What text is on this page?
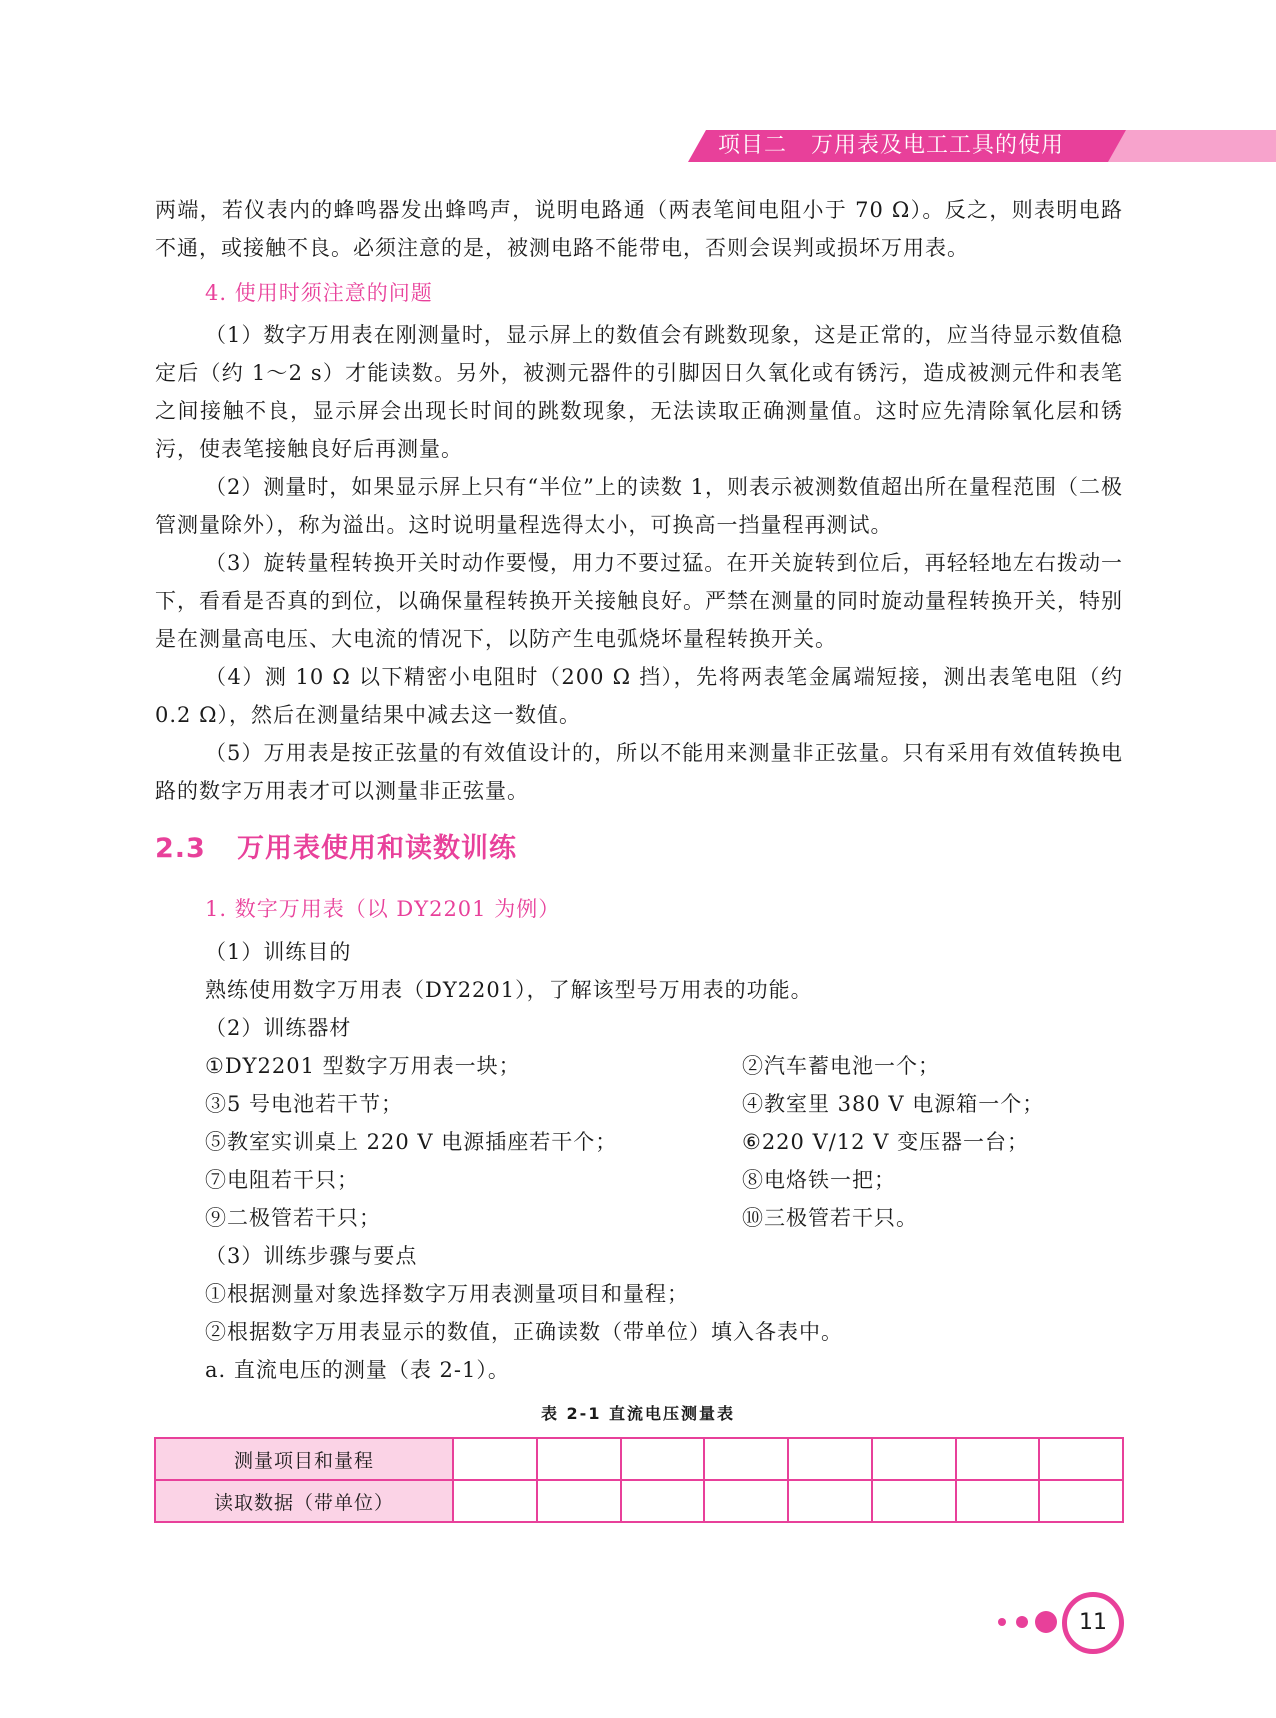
项目二   万用表及电工工具的使用

两端，若仪表内的蜂鸣器发出蜂鸣声，说明电路通（两表笔间电阻小于 70 Ω）。反之，则表明电路不通，或接触不良。必须注意的是，被测电路不能带电，否则会误判或损坏万用表。

4. 使用时须注意的问题

（1）数字万用表在刚测量时，显示屏上的数值会有跳数现象，这是正常的，应当待显示数值稳定后（约 1～2 s）才能读数。另外，被测元器件的引脚因日久氧化或有锈污，造成被测元件和表笔之间接触不良，显示屏会出现长时间的跳数现象，无法读取正确测量值。这时应先清除氧化层和锈污，使表笔接触良好后再测量。

（2）测量时，如果显示屏上只有“半位”上的读数 1，则表示被测数值超出所在量程范围（二极管测量除外），称为溢出。这时说明量程选得太小，可换高一挡量程再测试。

（3）旋转量程转换开关时动作要慢，用力不要过猛。在开关旋转到位后，再轻轻地左右拨动一下，看看是否真的到位，以确保量程转换开关接触良好。严禁在测量的同时旋动量程转换开关，特别是在测量高电压、大电流的情况下，以防产生电弧烧坏量程转换开关。

（4）测 10 Ω 以下精密小电阻时（200 Ω 挡），先将两表笔金属端短接，测出表笔电阻（约 0.2 Ω），然后在测量结果中减去这一数值。

（5）万用表是按正弦量的有效值设计的，所以不能用来测量非正弦量。只有采用有效值转换电路的数字万用表才可以测量非正弦量。

2.3   万用表使用和读数训练
1. 数字万用表（以 DY2201 为例）
（1）训练目的
熟练使用数字万用表（DY2201），了解该型号万用表的功能。
（2）训练器材
①DY2201 型数字万用表一块；	②汽车蓄电池一个；
③5 号电池若干节；	④教室里 380 V 电源箱一个；
⑤教室实训桌上 220 V 电源插座若干个；	⑥220 V/12 V 变压器一台；
⑦电阻若干只；	⑧电烙铁一把；
⑨二极管若干只；	⑩三极管若干只。
（3）训练步骤与要点
①根据测量对象选择数字万用表测量项目和量程；
②根据数字万用表显示的数值，正确读数（带单位）填入各表中。
a. 直流电压的测量（表 2-1）。
表 2-1 直流电压测量表
测量项目和量程								
读取数据（带单位）								
11
